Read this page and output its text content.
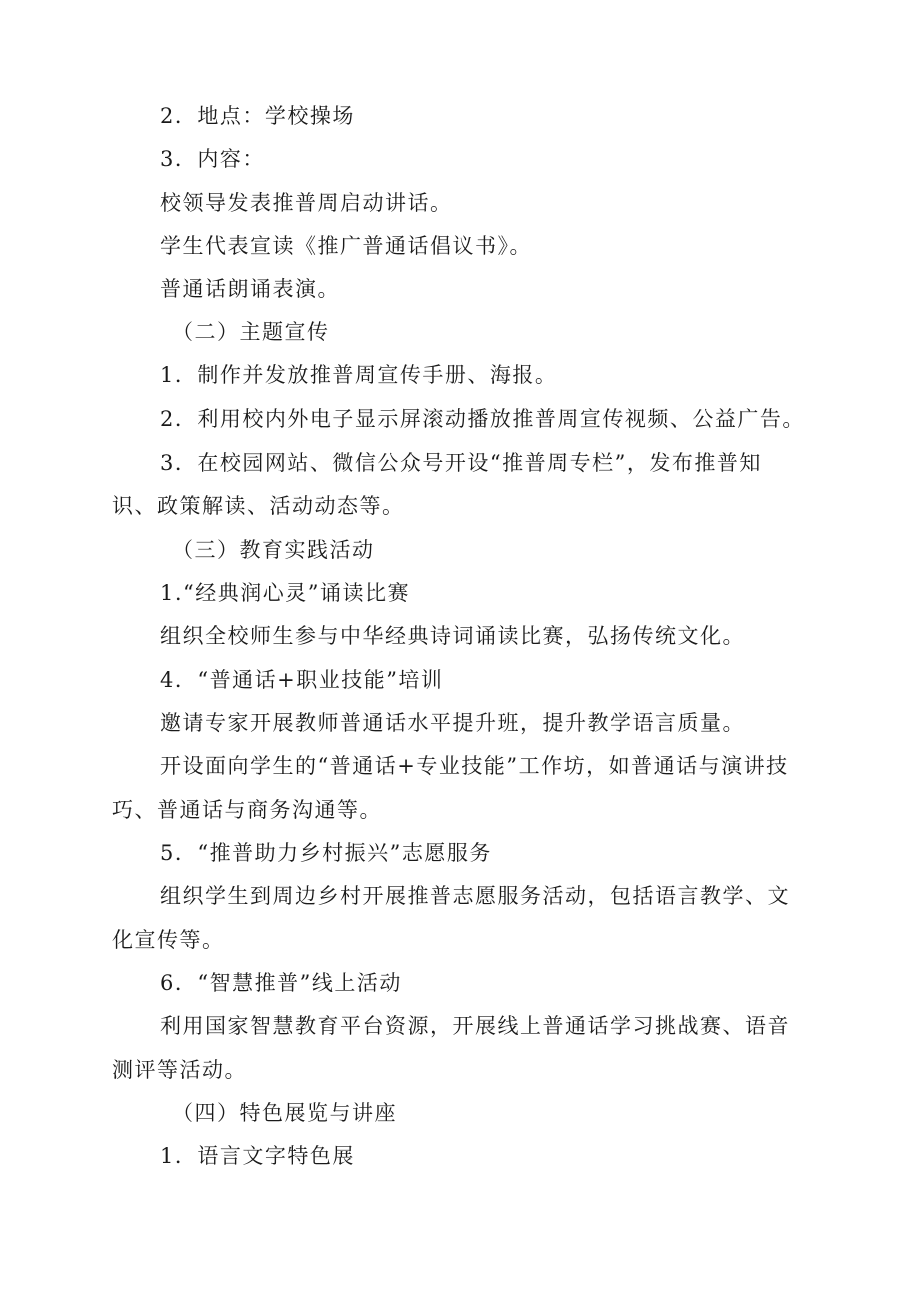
2．地点：学校操场
3．内容：
校领导发表推普周启动讲话。
学生代表宣读《推广普通话倡议书》。
普通话朗诵表演。
（二）主题宣传
1．制作并发放推普周宣传手册、海报。
2．利用校内外电子显示屏滚动播放推普周宣传视频、公益广告。
3．在校园网站、微信公众号开设“推普周专栏”，发布推普知
识、政策解读、活动动态等。
（三）教育实践活动
1.“经典润心灵”诵读比赛
组织全校师生参与中华经典诗词诵读比赛，弘扬传统文化。
4．“普通话+职业技能”培训
邀请专家开展教师普通话水平提升班，提升教学语言质量。
开设面向学生的“普通话+专业技能”工作坊，如普通话与演讲技
巧、普通话与商务沟通等。
5．“推普助力乡村振兴”志愿服务
组织学生到周边乡村开展推普志愿服务活动，包括语言教学、文
化宣传等。
6．“智慧推普”线上活动
利用国家智慧教育平台资源，开展线上普通话学习挑战赛、语音
测评等活动。
（四）特色展览与讲座
1．语言文字特色展
